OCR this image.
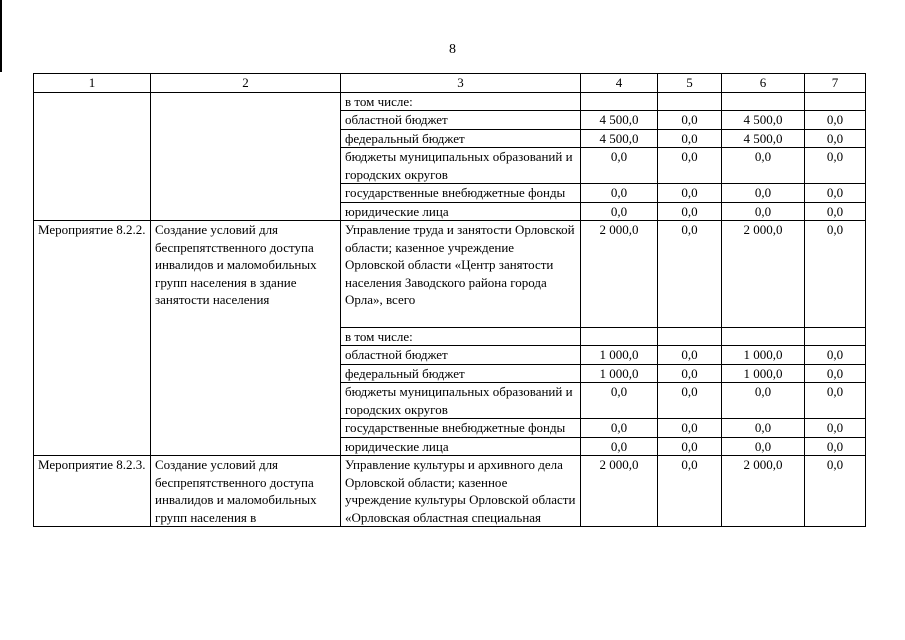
8
1	2	3	4	5	6	7
		в том числе:				
		областной бюджет	4 500,0	0,0	4 500,0	0,0
		федеральный бюджет	4 500,0	0,0	4 500,0	0,0
		бюджеты муниципальных образований и городских округов	0,0	0,0	0,0	0,0
		государственные внебюджетные фонды	0,0	0,0	0,0	0,0
		юридические лица	0,0	0,0	0,0	0,0
Мероприятие 8.2.2.	Создание условий для беспрепятственного доступа инвалидов и маломобильных групп населения в здание занятости населения	Управление труда и занятости Орловской области; казенное учреждение Орловской области «Центр занятости населения Заводского района города Орла», всего	2 000,0	0,0	2 000,0	0,0
		в том числе:				
		областной бюджет	1 000,0	0,0	1 000,0	0,0
		федеральный бюджет	1 000,0	0,0	1 000,0	0,0
		бюджеты муниципальных образований и городских округов	0,0	0,0	0,0	0,0
		государственные внебюджетные фонды	0,0	0,0	0,0	0,0
		юридические лица	0,0	0,0	0,0	0,0
Мероприятие 8.2.3.	Создание условий для беспрепятственного доступа инвалидов и маломобильных групп населения в	Управление культуры и архивного дела Орловской области; казенное учреждение культуры Орловской области «Орловская областная специальная	2 000,0	0,0	2 000,0	0,0
